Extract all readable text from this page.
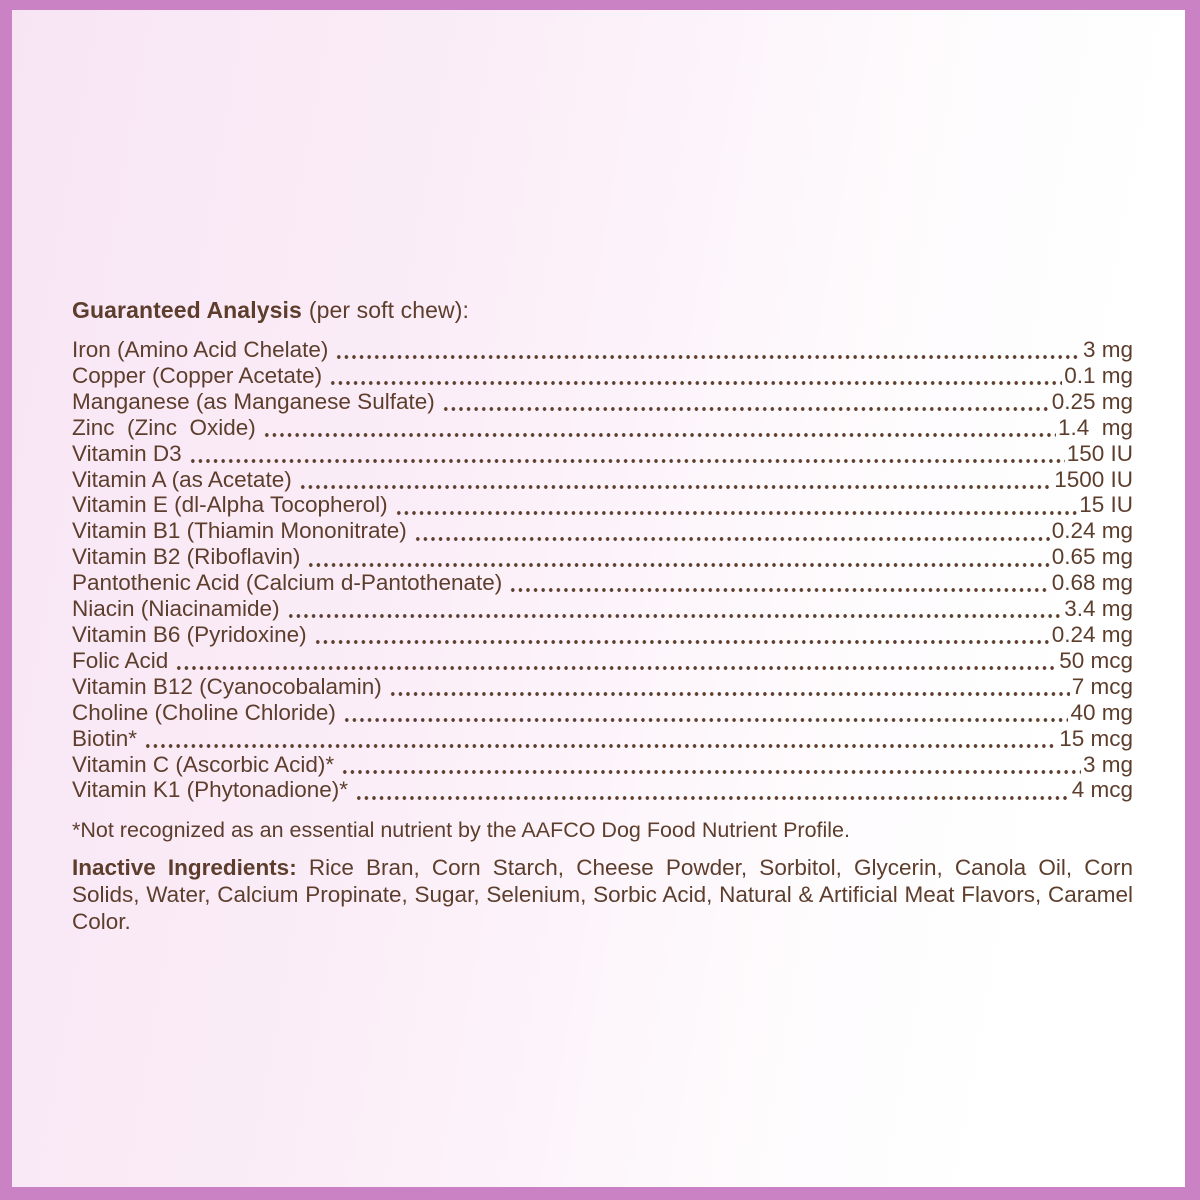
Guaranteed Analysis (per soft chew):

Iron (Amino Acid Chelate)	3 mg
Copper (Copper Acetate)	0.1 mg
Manganese (as Manganese Sulfate)	0.25 mg
Zinc  (Zinc  Oxide)	1.4  mg
Vitamin D3	150 IU
Vitamin A (as Acetate)	1500 IU
Vitamin E (dl-Alpha Tocopherol)	15 IU
Vitamin B1 (Thiamin Mononitrate)	0.24 mg
Vitamin B2 (Riboflavin)	0.65 mg
Pantothenic Acid (Calcium d-Pantothenate)	0.68 mg
Niacin (Niacinamide)	3.4 mg
Vitamin B6 (Pyridoxine)	0.24 mg
Folic Acid	50 mcg
Vitamin B12 (Cyanocobalamin)	7 mcg
Choline (Choline Chloride)	40 mg
Biotin*	15 mcg
Vitamin C (Ascorbic Acid)*	3 mg
Vitamin K1 (Phytonadione)*	4 mcg

*Not recognized as an essential nutrient by the AAFCO Dog Food Nutrient Profile.

Inactive Ingredients: Rice Bran, Corn Starch, Cheese Powder, Sorbitol, Glycerin, Canola Oil, Corn Solids, Water, Calcium Propinate, Sugar, Selenium, Sorbic Acid, Natural & Artificial Meat Flavors, Caramel Color.
